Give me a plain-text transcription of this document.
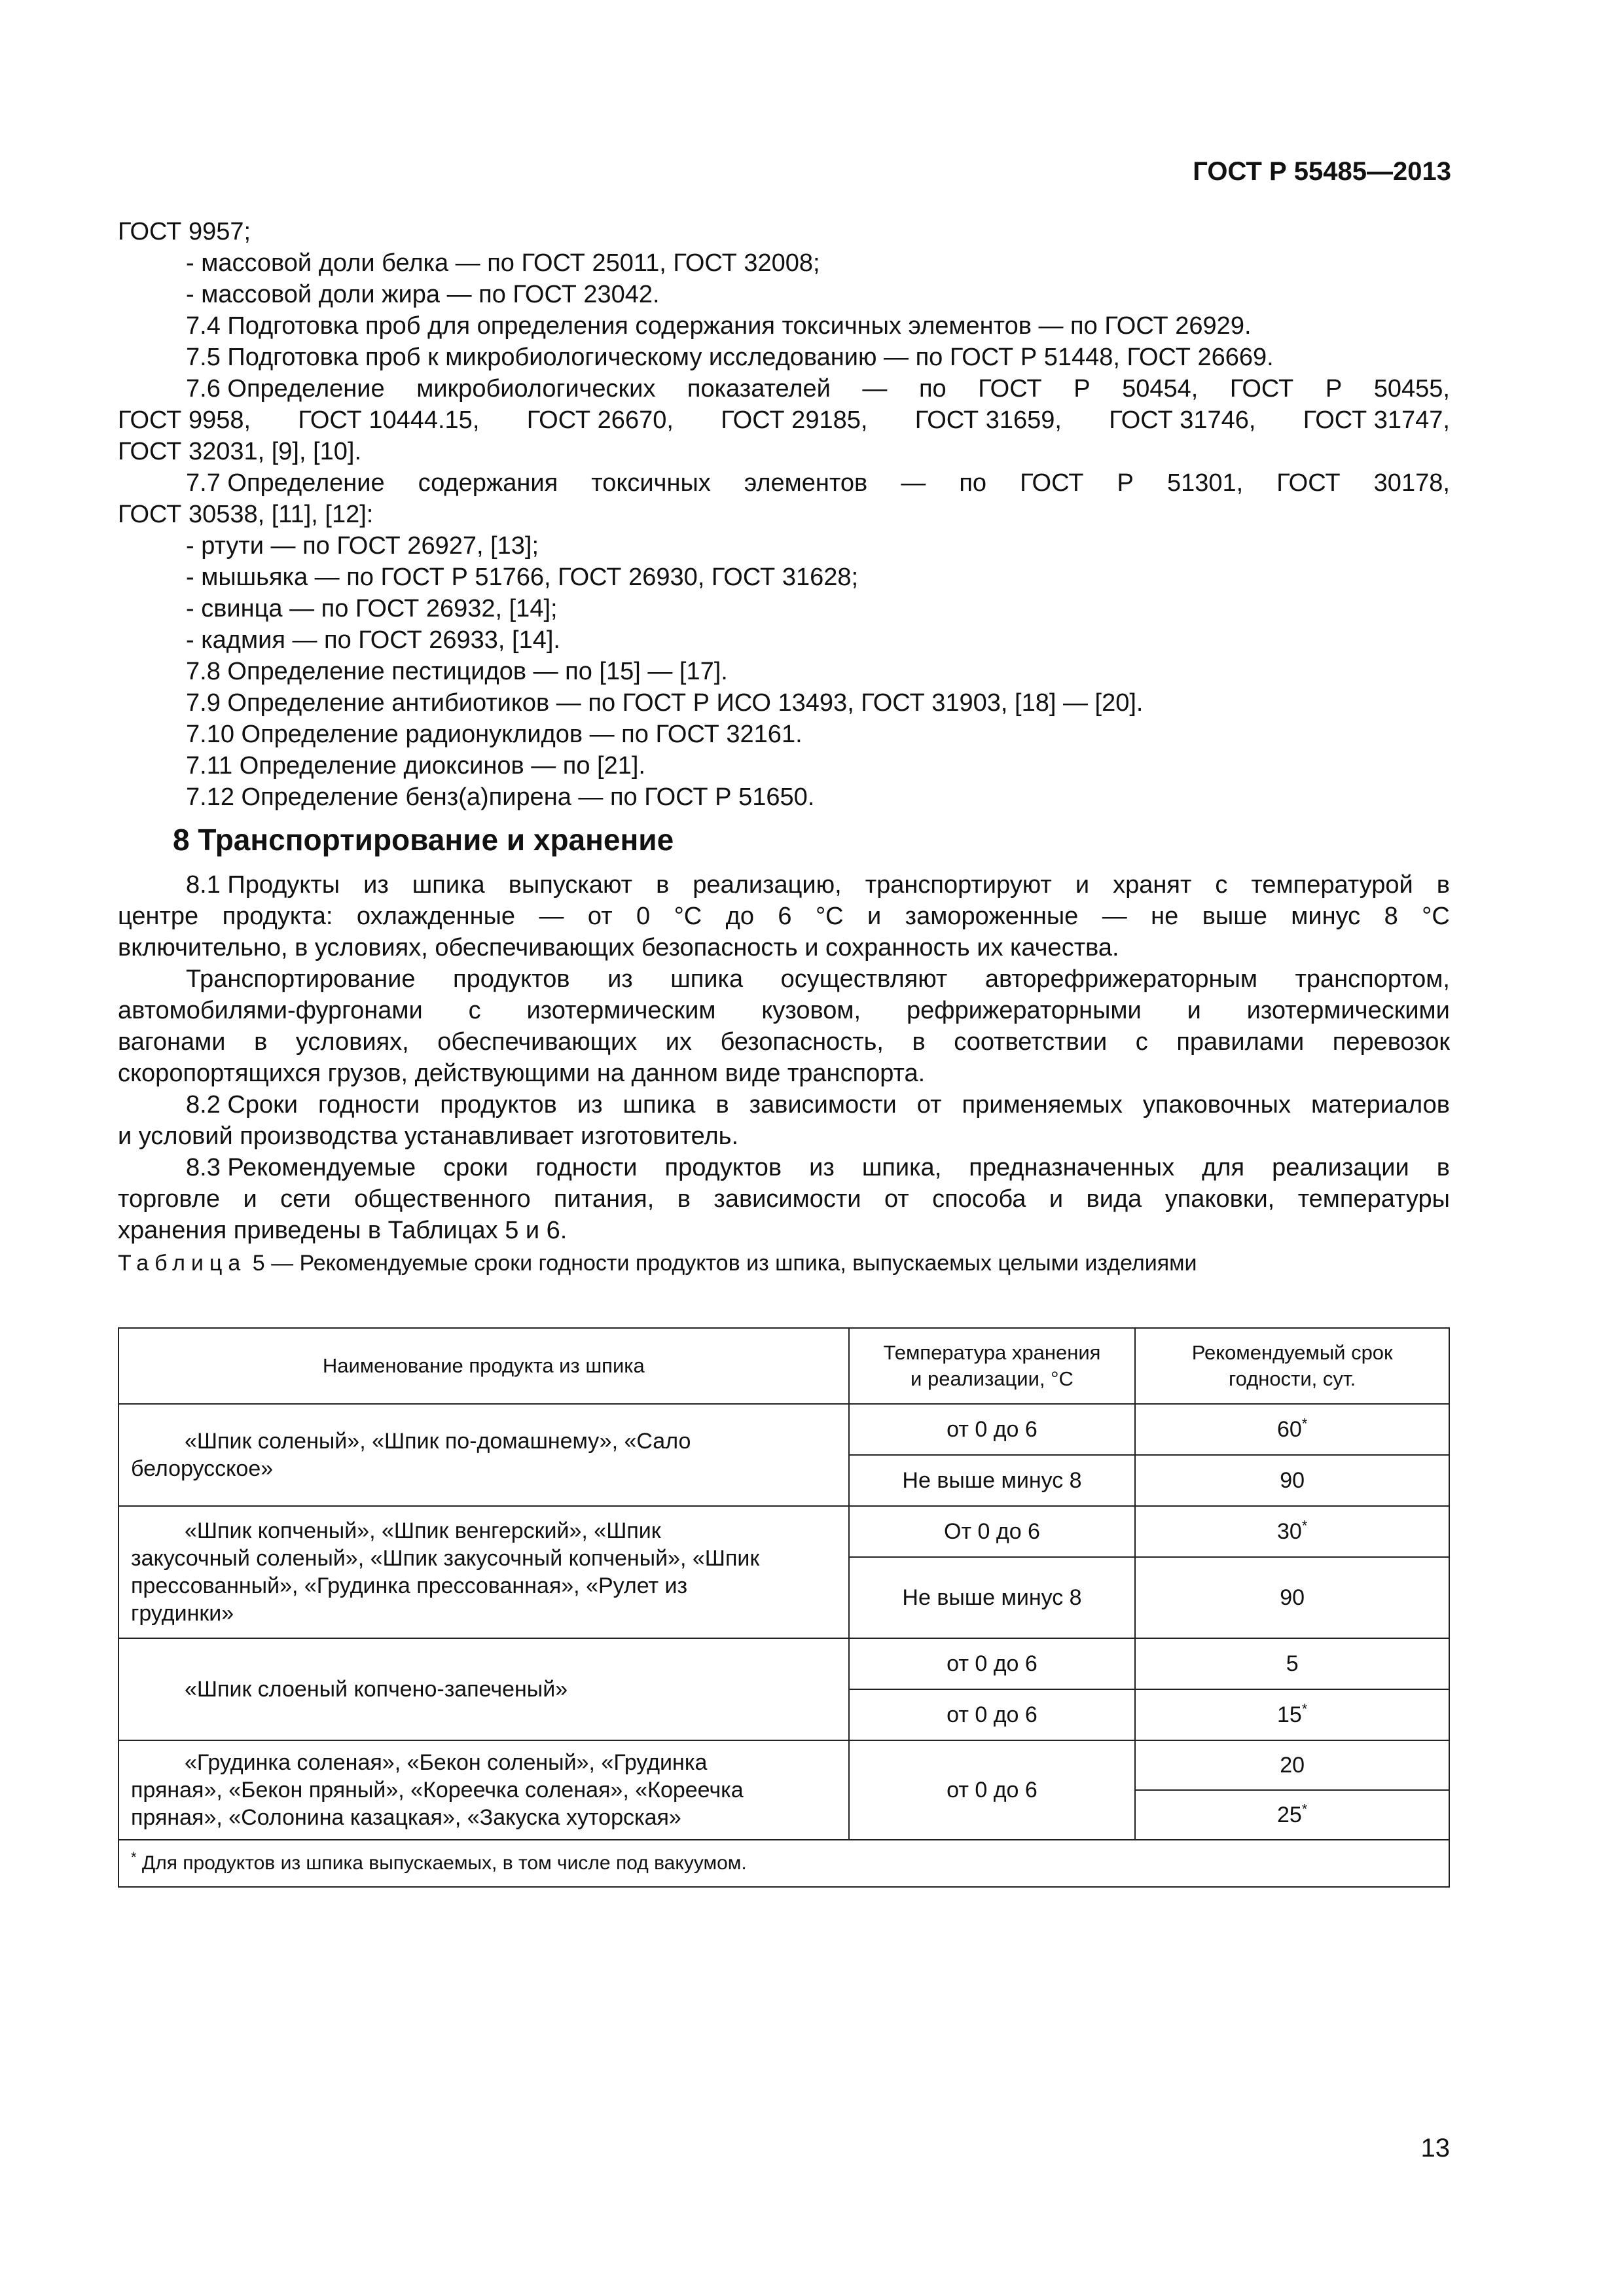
ГОСТ Р 55485—2013
ГОСТ 9957;
- массовой доли белка — по ГОСТ 25011, ГОСТ 32008;
- массовой доли жира — по ГОСТ 23042.
7.4 Подготовка проб для определения содержания токсичных элементов — по ГОСТ 26929.
7.5 Подготовка проб к микробиологическому исследованию — по ГОСТ Р 51448, ГОСТ 26669.
7.6 Определение микробиологических показателей — по ГОСТ Р 50454, ГОСТ Р 50455,
ГОСТ 9958, ГОСТ 10444.15, ГОСТ 26670, ГОСТ 29185, ГОСТ 31659, ГОСТ 31746, ГОСТ 31747,
ГОСТ 32031, [9], [10].
7.7 Определение содержания токсичных элементов — по ГОСТ Р 51301, ГОСТ 30178,
ГОСТ 30538, [11], [12]:
- ртути — по ГОСТ 26927, [13];
- мышьяка — по ГОСТ Р 51766, ГОСТ 26930, ГОСТ 31628;
- свинца — по ГОСТ 26932, [14];
- кадмия — по ГОСТ 26933, [14].
7.8 Определение пестицидов — по [15] — [17].
7.9 Определение антибиотиков — по ГОСТ Р ИСО 13493, ГОСТ 31903, [18] — [20].
7.10 Определение радионуклидов — по ГОСТ 32161.
7.11 Определение диоксинов — по [21].
7.12 Определение бенз(а)пирена — по ГОСТ Р 51650.
8 Транспортирование и хранение
8.1 Продукты из шпика выпускают в реализацию, транспортируют и хранят с температурой в
центре продукта: охлажденные — от 0 °С до 6 °С и замороженные — не выше минус 8 °С
включительно, в условиях, обеспечивающих безопасность и сохранность их качества.
Транспортирование продуктов из шпика осуществляют авторефрижераторным транспортом,
автомобилями-фургонами с изотермическим кузовом, рефрижераторными и изотермическими
вагонами в условиях, обеспечивающих их безопасность, в соответствии с правилами перевозок
скоропортящихся грузов, действующими на данном виде транспорта.
8.2 Сроки годности продуктов из шпика в зависимости от применяемых упаковочных материалов
и условий производства устанавливает изготовитель.
8.3 Рекомендуемые сроки годности продуктов из шпика, предназначенных для реализации в
торговле и сети общественного питания, в зависимости от способа и вида упаковки, температуры
хранения приведены в Таблицах 5 и 6.
Таблица 5 — Рекомендуемые сроки годности продуктов из шпика, выпускаемых целыми изделиями
Наименование продукта из шпика	Температура хранения
и реализации, °С	Рекомендуемый срок
годности, сут.
«Шпик соленый», «Шпик по-домашнему», «Сало
белорусское»	от 0 до 6	60*
	Не выше минус 8	90
«Шпик копченый», «Шпик венгерский», «Шпик
закусочный соленый», «Шпик закусочный копченый», «Шпик
прессованный», «Грудинка прессованная», «Рулет из
грудинки»	От 0 до 6	30*
	Не выше минус 8	90
«Шпик слоеный копчено-запеченый»	от 0 до 6	5
	от 0 до 6	15*
«Грудинка соленая», «Бекон соленый», «Грудинка
пряная», «Бекон пряный», «Корeечка соленая», «Корeечка
пряная», «Солонина казацкая», «Закуска хуторская»	от 0 до 6	20
		25*
* Для продуктов из шпика выпускаемых, в том числе под вакуумом.		
13
